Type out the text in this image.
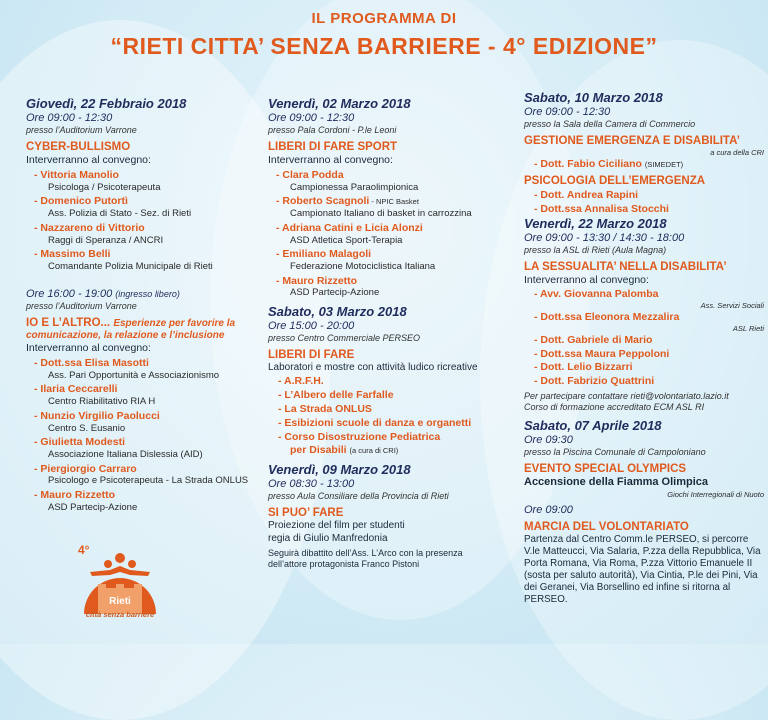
IL PROGRAMMA DI
“RIETI CITTA’ SENZA BARRIERE - 4° EDIZIONE”
Giovedì, 22 Febbraio 2018
Ore 09:00 - 12:30
presso l’Auditorium Varrone
CYBER-BULLISMO
Interverranno al convegno:
- Vittoria Manolio
Psicologa / Psicoterapeuta
- Domenico Putortì
Ass. Polizia di Stato - Sez. di Rieti
- Nazzareno di Vittorio
Raggi di Speranza / ANCRI
- Massimo Belli
Comandante Polizia Municipale di Rieti
Ore 16:00 - 19:00 (ingresso libero)
presso l’Auditorium Varrone
IO E L’ALTRO... Esperienze per favorire la
comunicazione, la relazione e l’inclusione
Interverranno al convegno:
- Dott.ssa Elisa Masotti
Ass. Pari Opportunità e Associazionismo
- Ilaria Ceccarelli
Centro Riabilitativo RIA H
- Nunzio Virgilio Paolucci
Centro S. Eusanio
- Giulietta Modesti
Associazione Italiana Dislessia (AID)
- Piergiorgio Carraro
Psicologo e Psicoterapeuta - La Strada ONLUS
- Mauro Rizzetto
ASD Partecip-Azione
4°
Rieti
città senza barriere
Venerdì, 02 Marzo 2018
Ore 09:00 - 12:30
presso Pala Cordoni - P.le Leoni
LIBERI DI FARE SPORT
Interverranno al convegno:
- Clara Podda
Campionessa Paraolimpionica
- Roberto Scagnoli - NPIC Basket
Campionato Italiano di basket in carrozzina
- Adriana Catini e Licia Alonzi
ASD Atletica Sport-Terapia
- Emiliano Malagoli
Federazione Motociclistica Italiana
- Mauro Rizzetto
ASD Partecip-Azione
Sabato, 03 Marzo 2018
Ore 15:00 - 20:00
presso Centro Commerciale PERSEO
LIBERI DI FARE
Laboratori e mostre con attività ludico ricreative
- A.R.F.H.
- L’Albero delle Farfalle
- La Strada ONLUS
- Esibizioni scuole di danza e organetti
- Corso Disostruzione Pediatrica
per Disabili (a cura di CRI)
Venerdì, 09 Marzo 2018
Ore 08:30 - 13:00
presso Aula Consiliare della Provincia di Rieti
SI PUO’ FARE
Proiezione del film per studenti
regia di Giulio Manfredonia
Seguirà dibattito dell’Ass. L’Arco con la presenza
dell’attore protagonista Franco Pistoni
Sabato, 10 Marzo 2018
Ore 09:00 - 12:30
presso la Sala della Camera di Commercio
GESTIONE EMERGENZA E DISABILITA’
a cura della CRI
- Dott. Fabio Ciciliano (SIMEDET)
PSICOLOGIA DELL’EMERGENZA
- Dott. Andrea Rapini
- Dott.ssa Annalisa Stocchi
Venerdì, 22 Marzo 2018
Ore 09:00 - 13:30 / 14:30 - 18:00
presso la ASL di Rieti (Aula Magna)
LA SESSUALITA’ NELLA DISABILITA’
Interverranno al convegno:
- Avv. Giovanna Palomba
Ass. Servizi Sociali
- Dott.ssa Eleonora Mezzalira
ASL Rieti
- Dott. Gabriele di Mario
- Dott.ssa Maura Peppoloni
- Dott. Lelio Bizzarri
- Dott. Fabrizio Quattrini
Per partecipare contattare rieti@volontariato.lazio.it
Corso di formazione accreditato ECM ASL RI
Sabato, 07 Aprile 2018
Ore 09:30
presso la Piscina Comunale di Campoloniano
EVENTO SPECIAL OLYMPICS
Accensione della Fiamma Olimpica
Giochi Interregionali di Nuoto
Ore 09:00
MARCIA DEL VOLONTARIATO
Partenza dal Centro Comm.le PERSEO, si percorre V.le Matteucci, Via Salaria, P.zza della Repubblica, Via Porta Romana, Via Roma, P.zza Vittorio Emanuele II (sosta per saluto autorità), Via Cintia, P.le dei Pini, Via dei Geranei, Via Borsellino ed infine si ritorna al PERSEO.
